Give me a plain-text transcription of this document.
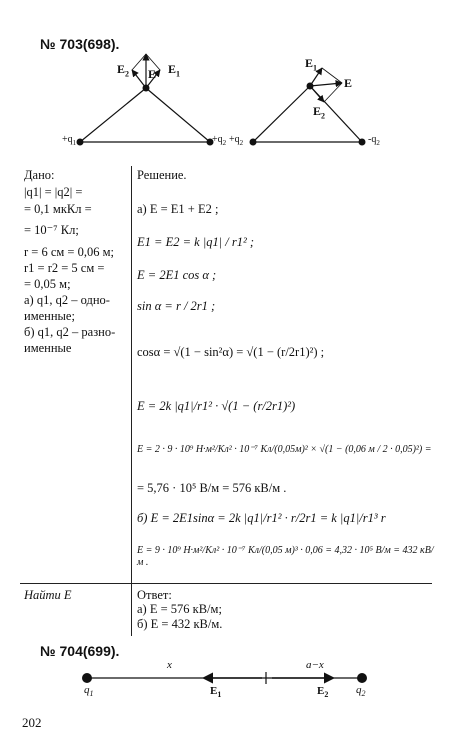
№ 703(698).
$E_2$ E $E_1$
$+q_1$	$+q_2$
$E_1$
E
$E_2$
$+q_2$	$-q_2$
Дано:
|q1| = |q2| =
= 0,1 мкКл =
= 10⁻⁷ Кл;
r = 6 см = 0,06 м;
r1 = r2 = 5 см =
= 0,05 м;
а) q1, q2 – одно-
именные;
б) q1, q2 – разно-
именные
Найти E
Решение.
а) E = E1 + E2 ;
E1 = E2 = k |q1| / r1² ;
E = 2E1 cos α ;
sin α = r / 2r1 ;
cosα = √(1 − sin²α) = √(1 − (r/2r1)²) ;
E = 2k |q1|/r1² · √(1 − (r/2r1)²)
E = 2 · 9 · 10⁹ Н·м²/Кл² · 10⁻⁷ Кл/(0,05м)² × √(1 − (0,06 м / 2 · 0,05)²) =
= 5,76 · 10⁵ В/м = 576 кВ/м .
б) E = 2E1sinα = 2k |q1|/r1² · r/2r1 = k |q1|/r1³ r
E = 9 · 10⁹ Н·м²/Кл² · 10⁻⁷ Кл/(0,05 м)³ · 0,06 = 4,32 · 10⁵ В/м = 432 кВ/м .
Ответ:
а) E = 576 кВ/м;
б) E = 432 кВ/м.
№ 704(699).
x	a−x
$q_1$	$q_2$
$E_1$	$E_2$
202
